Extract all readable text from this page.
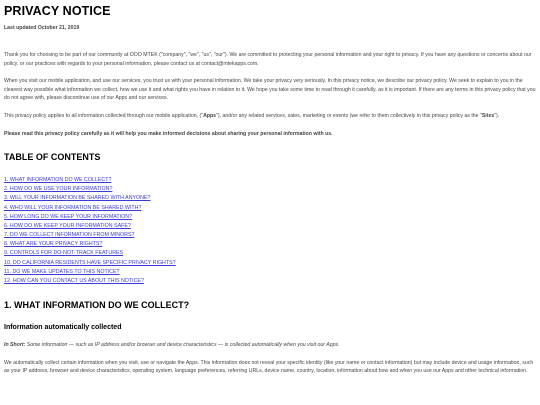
PRIVACY NOTICE
Last updated October 21, 2019

Thank you for choosing to be part of our community at OOO MTEK ("company", "we", "us", "our"). We are committed to protecting your personal information and your right to privacy. If you have any questions or concerns about our policy, or our practices with regards to your personal information, please contact us at contact@mtekapps.com.

When you visit our mobile application, and use our services, you trust us with your personal information. We take your privacy very seriously. In this privacy notice, we describe our privacy policy. We seek to explain to you in the clearest way possible what information we collect, how we use it and what rights you have in relation to it. We hope you take some time to read through it carefully, as it is important. If there are any terms in this privacy policy that you do not agree with, please discontinue use of our Apps and our services.

This privacy policy applies to all information collected through our mobile application, ("Apps"), and/or any related services, sales, marketing or events (we refer to them collectively in this privacy policy as the "Sites").

Please read this privacy policy carefully as it will help you make informed decisions about sharing your personal information with us.

TABLE OF CONTENTS
1. WHAT INFORMATION DO WE COLLECT?
2. HOW DO WE USE YOUR INFORMATION?
3. WILL YOUR INFORMATION BE SHARED WITH ANYONE?
4. WHO WILL YOUR INFORMATION BE SHARED WITH?
5. HOW LONG DO WE KEEP YOUR INFORMATION?
6. HOW DO WE KEEP YOUR INFORMATION SAFE?
7. DO WE COLLECT INFORMATION FROM MINORS?
8. WHAT ARE YOUR PRIVACY RIGHTS?
9. CONTROLS FOR DO-NOT-TRACK FEATURES
10. DO CALIFORNIA RESIDENTS HAVE SPECIFIC PRIVACY RIGHTS?
11. DO WE MAKE UPDATES TO THIS NOTICE?
12. HOW CAN YOU CONTACT US ABOUT THIS NOTICE?
1. WHAT INFORMATION DO WE COLLECT?
Information automatically collected

In Short: Some information — such as IP address and/or browser and device characteristics — is collected automatically when you visit our Apps.

We automatically collect certain information when you visit, use or navigate the Apps. This information does not reveal your specific identity (like your name or contact information) but may include device and usage information, such as your IP address, browser and device characteristics, operating system, language preferences, referring URLs, device name, country, location, information about how and when you use our Apps and other technical information.
